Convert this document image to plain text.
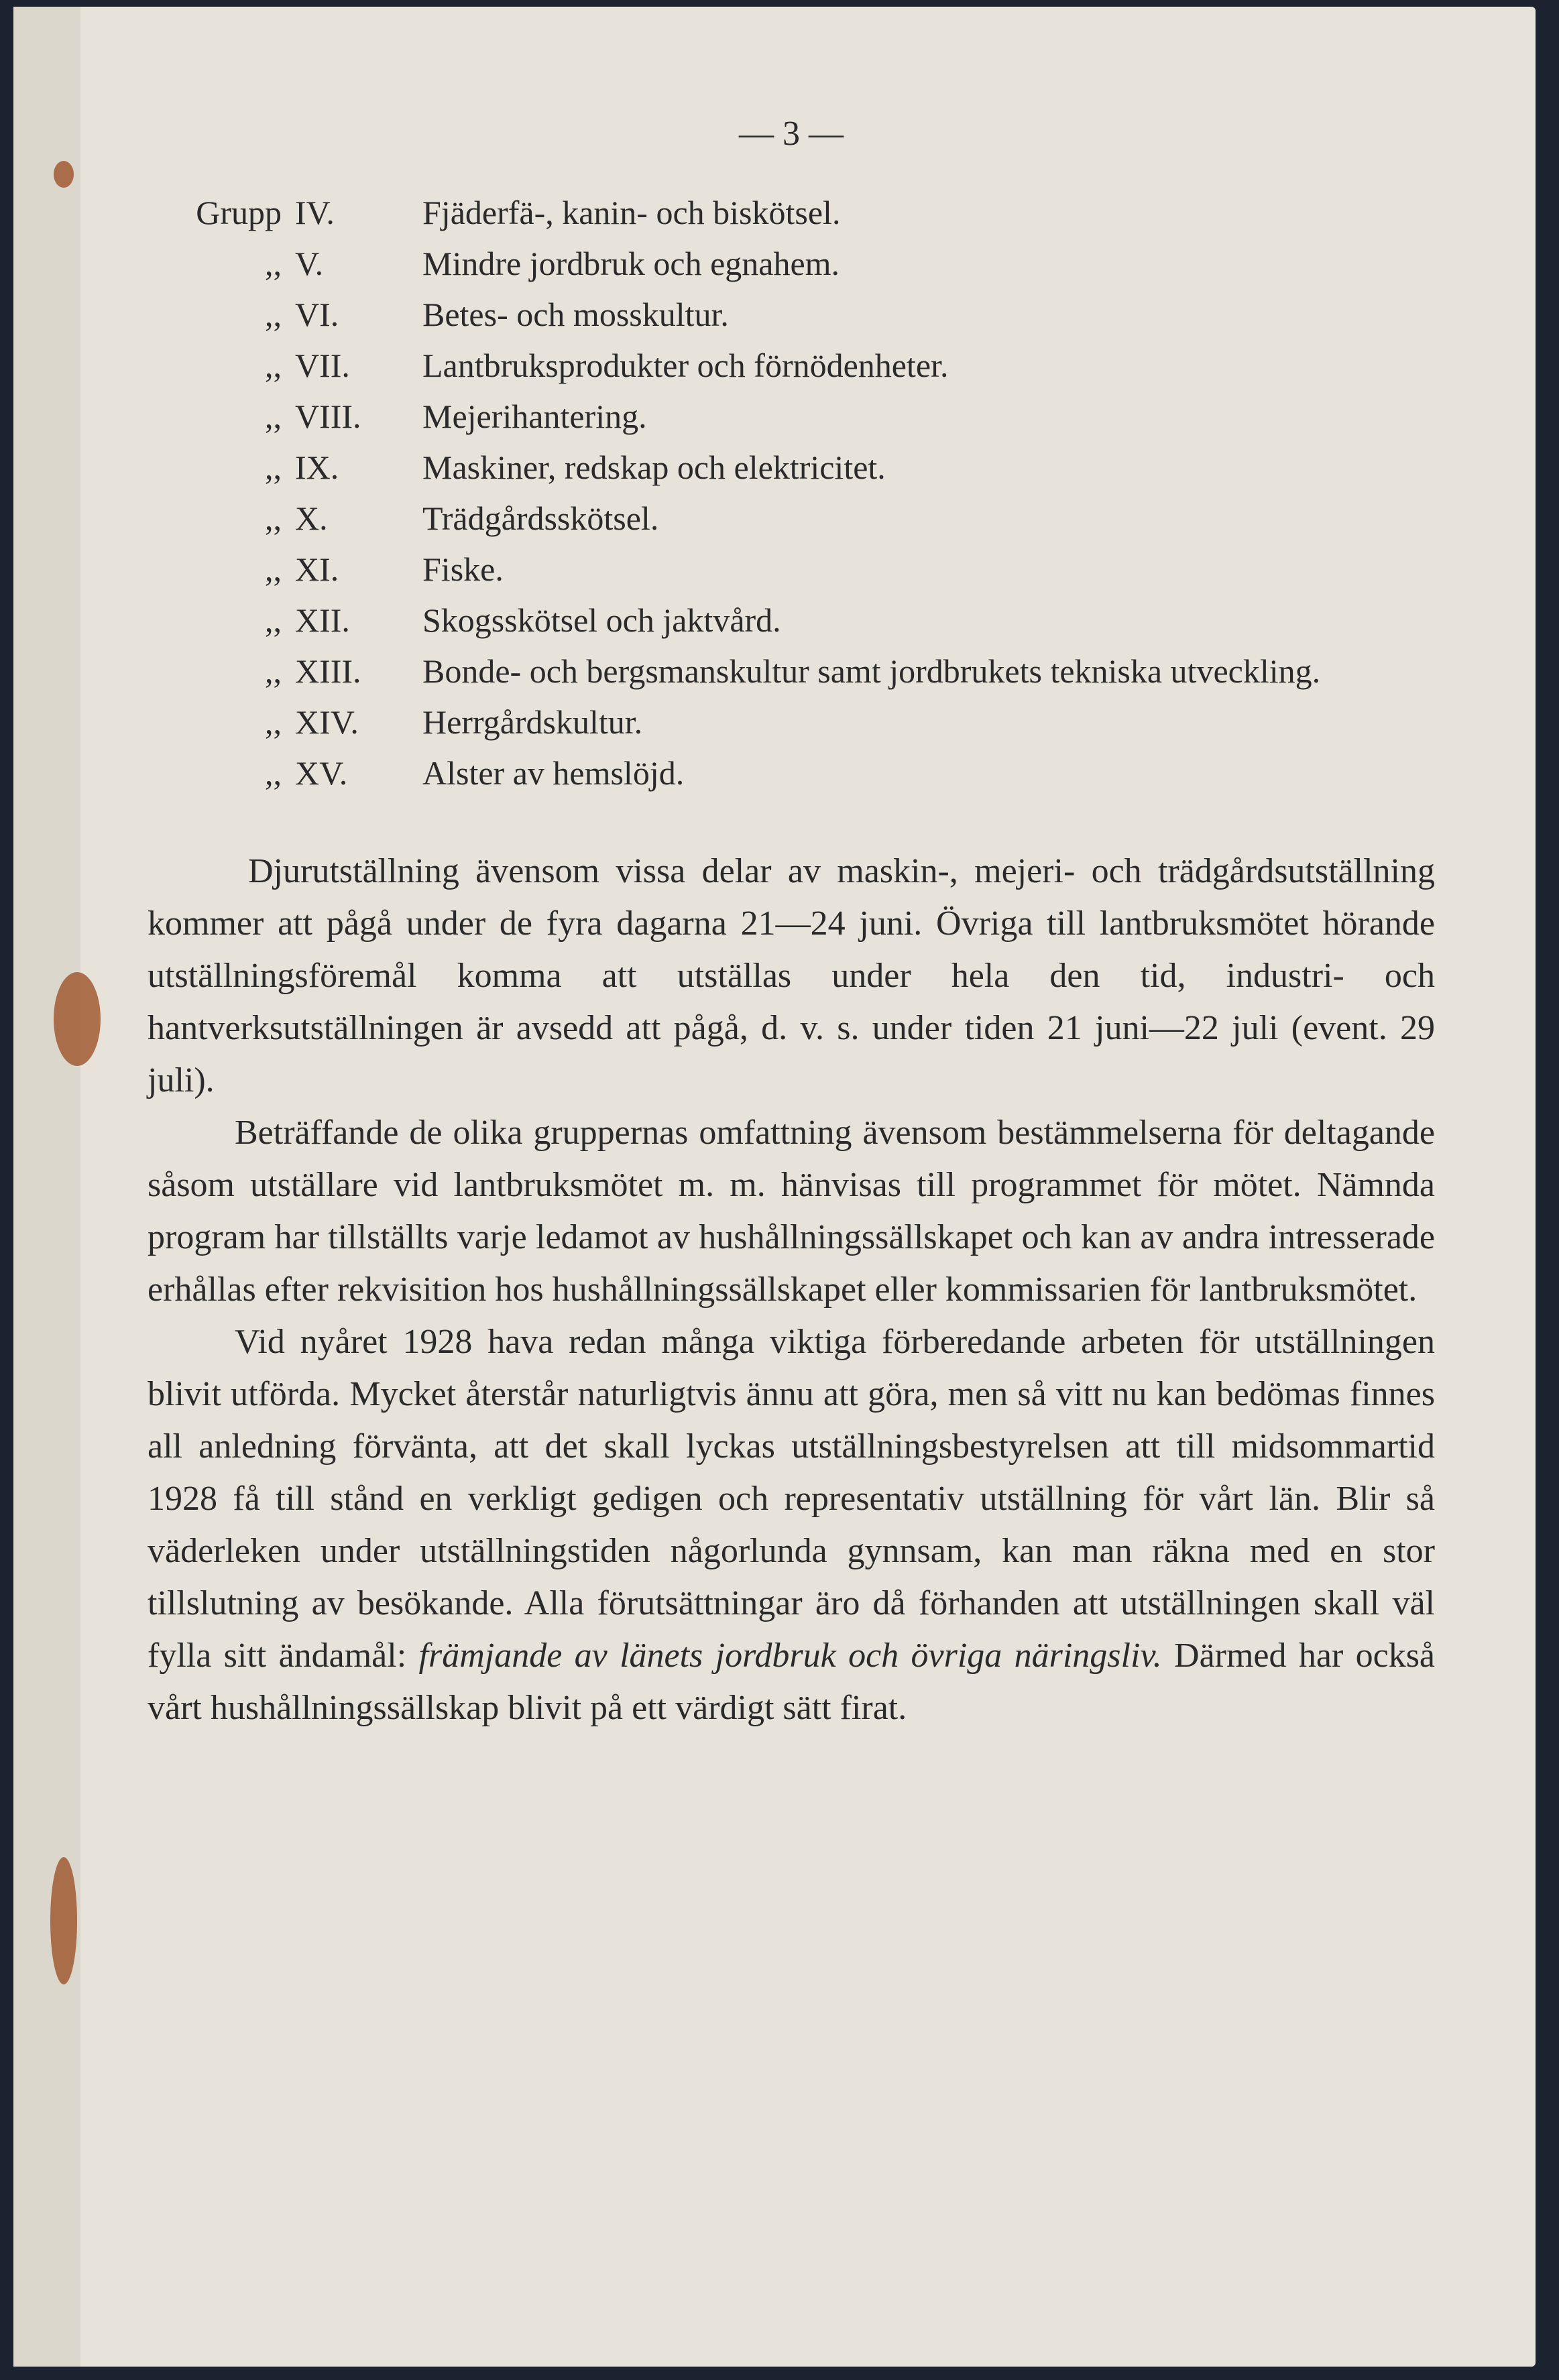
— 3 —
Grupp IV.	Fjäderfä-, kanin- och biskötsel.
,, V.	Mindre jordbruk och egnahem.
,, VI.	Betes- och mosskultur.
,, VII.	Lantbruksprodukter och förnödenheter.
,, VIII.	Mejerihantering.
,, IX.	Maskiner, redskap och elektricitet.
,, X.	Trädgårdsskötsel.
,, XI.	Fiske.
,, XII.	Skogsskötsel och jaktvård.
,, XIII.	Bonde- och bergsmanskultur samt jordbrukets tekniska utveckling.
,, XIV.	Herrgårdskultur.
,, XV.	Alster av hemslöjd.

Djurutställning ävensom vissa delar av maskin-, mejeri- och trädgårdsutställning kommer att pågå under de fyra dagarna 21—24 juni. Övriga till lantbruksmötet hörande utställningsföremål komma att utställas under hela den tid, industri- och hantverksutställningen är avsedd att pågå, d. v. s. under tiden 21 juni—22 juli (event. 29 juli).

Beträffande de olika gruppernas omfattning ävensom bestämmelserna för deltagande såsom utställare vid lantbruksmötet m. m. hänvisas till programmet för mötet. Nämnda program har tillställts varje ledamot av hushållningssällskapet och kan av andra intresserade erhållas efter rekvisition hos hushållningssällskapet eller kommissarien för lantbruksmötet.

Vid nyåret 1928 hava redan många viktiga förberedande arbeten för utställningen blivit utförda. Mycket återstår naturligtvis ännu att göra, men så vitt nu kan bedömas finnes all anledning förvänta, att det skall lyckas utställningsbestyrelsen att till midsommartid 1928 få till stånd en verkligt gedigen och representativ utställning för vårt län. Blir så väderleken under utställningstiden någorlunda gynnsam, kan man räkna med en stor tillslutning av besökande. Alla förutsättningar äro då förhanden att utställningen skall väl fylla sitt ändamål: främjande av länets jordbruk och övriga näringsliv. Därmed har också vårt hushållningssällskap blivit på ett värdigt sätt firat.
